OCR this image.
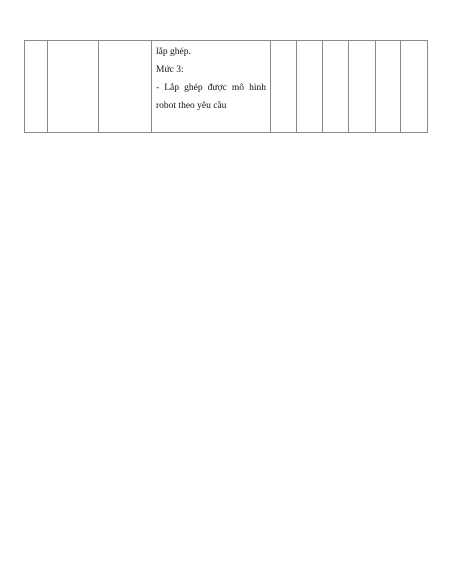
lắp ghép.
Mức 3:
- Lắp ghép được mô hình
robot theo yêu cầu
